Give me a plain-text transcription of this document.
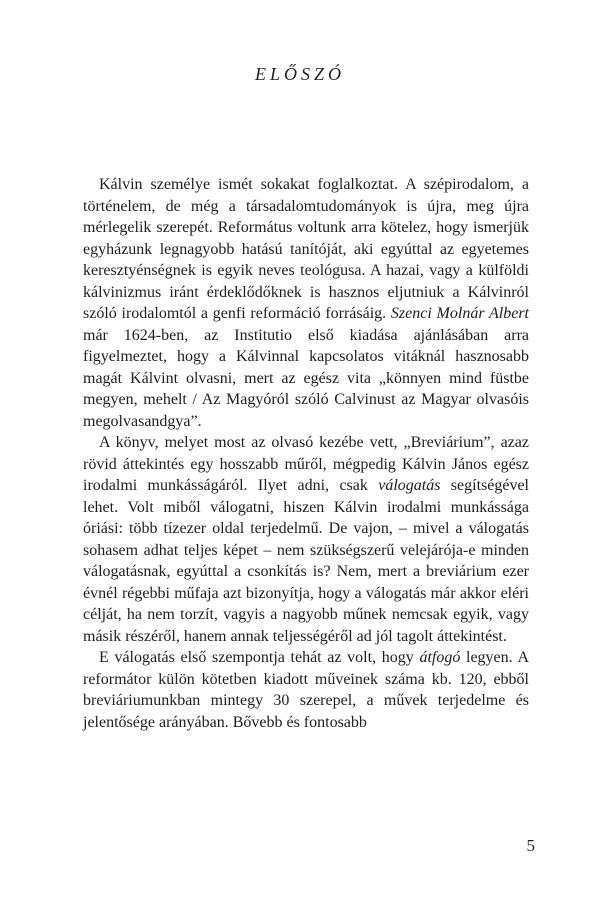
ELŐSZÓ

Kálvin személye ismét sokakat foglalkoztat. A szépirodalom, a történelem, de még a társadalomtudományok is újra, meg újra mérlegelik szerepét. Református voltunk arra kötelez, hogy ismerjük egyházunk legnagyobb hatású tanítóját, aki egyúttal az egyetemes keresztyénségnek is egyik neves teológusa. A hazai, vagy a külföldi kálvinizmus iránt érdeklődőknek is hasznos eljutniuk a Kálvinról szóló irodalomtól a genfi reformáció forrásáig. Szenci Molnár Albert már 1624-ben, az Institutio első kiadása ajánlásában arra figyelmeztet, hogy a Kálvinnal kapcsolatos vitáknál hasznosabb magát Kálvint olvasni, mert az egész vita „könnyen mind füstbe megyen, mehelt / Az Magyóról szóló Calvinust az Magyar olvasóis megolvasandgya”.

A könyv, melyet most az olvasó kezébe vett, „Breviárium”, azaz rövid áttekintés egy hosszabb műről, mégpedig Kálvin János egész irodalmi munkásságáról. Ilyet adni, csak válogatás segítségével lehet. Volt miből válogatni, hiszen Kálvin irodalmi munkássága óriási: több tízezer oldal terjedelmű. De vajon, – mivel a válogatás sohasem adhat teljes képet – nem szükségszerű velejárója-e minden válogatásnak, egyúttal a csonkítás is? Nem, mert a breviárium ezer évnél régebbi műfaja azt bizonyítja, hogy a válogatás már akkor eléri célját, ha nem torzít, vagyis a nagyobb műnek nemcsak egyik, vagy másik részéről, hanem annak teljességéről ad jól tagolt áttekintést.

E válogatás első szempontja tehát az volt, hogy átfogó legyen. A reformátor külön kötetben kiadott műveinek száma kb. 120, ebből breviáriumunkban mintegy 30 szerepel, a művek terjedelme és jelentősége arányában. Bővebb és fontosabb

5
